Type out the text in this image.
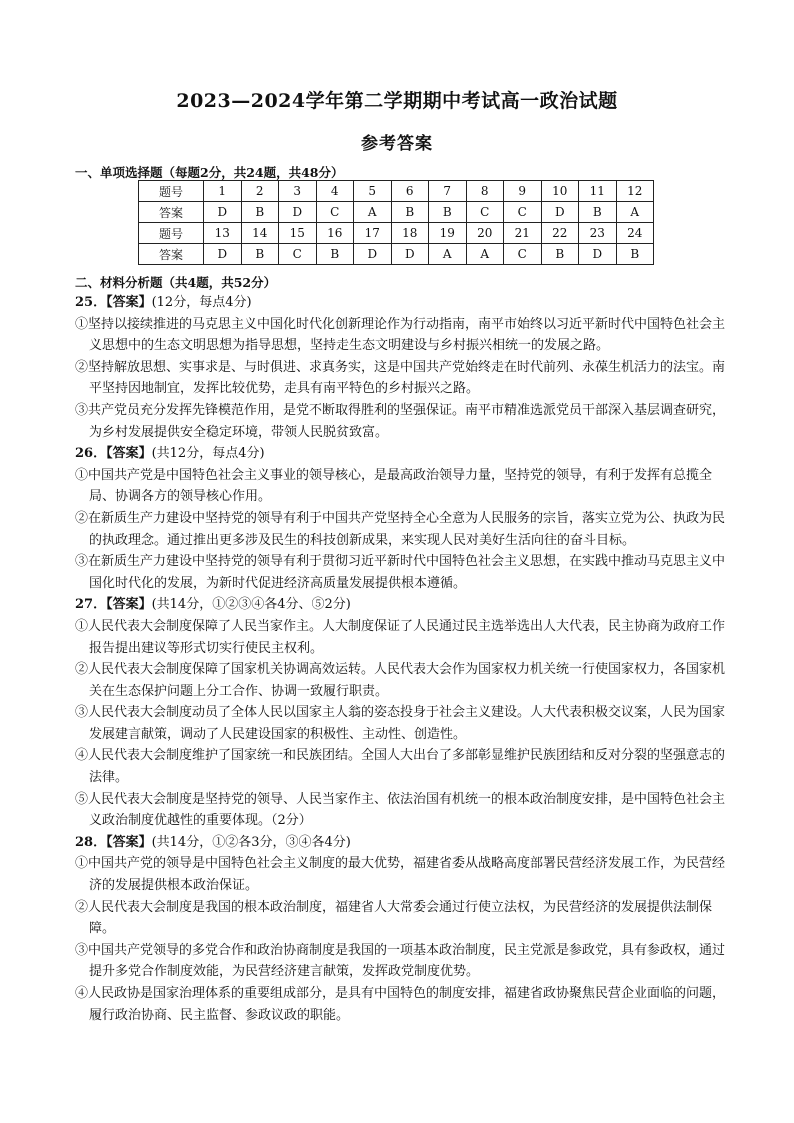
2023—2024学年第二学期期中考试高一政治试题
参考答案
一、单项选择题（每题2分，共24题，共48分）
题号	1	2	3	4	5	6	7	8	9	10	11	12
答案	D	B	D	C	A	B	B	C	C	D	B	A
题号	13	14	15	16	17	18	19	20	21	22	23	24
答案	D	B	C	B	D	D	A	A	C	B	D	B
二、材料分析题（共4题，共52分）
25．【答案】(12分，每点4分)
①坚持以接续推进的马克思主义中国化时代化创新理论作为行动指南，南平市始终以习近平新时代中国特色社会主义思想中的生态文明思想为指导思想，坚持走生态文明建设与乡村振兴相统一的发展之路。
②坚持解放思想、实事求是、与时俱进、求真务实，这是中国共产党始终走在时代前列、永葆生机活力的法宝。南平坚持因地制宜，发挥比较优势，走具有南平特色的乡村振兴之路。
③共产党员充分发挥先锋模范作用，是党不断取得胜利的坚强保证。南平市精准选派党员干部深入基层调查研究，为乡村发展提供安全稳定环境，带领人民脱贫致富。
26．【答案】(共12分，每点4分)
①中国共产党是中国特色社会主义事业的领导核心，是最高政治领导力量，坚持党的领导，有利于发挥有总揽全局、协调各方的领导核心作用。
②在新质生产力建设中坚持党的领导有利于中国共产党坚持全心全意为人民服务的宗旨，落实立党为公、执政为民的执政理念。通过推出更多涉及民生的科技创新成果，来实现人民对美好生活向往的奋斗目标。
③在新质生产力建设中坚持党的领导有利于贯彻习近平新时代中国特色社会主义思想，在实践中推动马克思主义中国化时代化的发展，为新时代促进经济高质量发展提供根本遵循。
27．【答案】(共14分，①②③④各4分、⑤2分)
①人民代表大会制度保障了人民当家作主。人大制度保证了人民通过民主选举选出人大代表，民主协商为政府工作报告提出建议等形式切实行使民主权利。
②人民代表大会制度保障了国家机关协调高效运转。人民代表大会作为国家权力机关统一行使国家权力，各国家机关在生态保护问题上分工合作、协调一致履行职责。
③人民代表大会制度动员了全体人民以国家主人翁的姿态投身于社会主义建设。人大代表积极交议案，人民为国家发展建言献策，调动了人民建设国家的积极性、主动性、创造性。
④人民代表大会制度维护了国家统一和民族团结。全国人大出台了多部彰显维护民族团结和反对分裂的坚强意志的法律。
⑤人民代表大会制度是坚持党的领导、人民当家作主、依法治国有机统一的根本政治制度安排，是中国特色社会主义政治制度优越性的重要体现。（2分）
28．【答案】(共14分，①②各3分，③④各4分)
①中国共产党的领导是中国特色社会主义制度的最大优势，福建省委从战略高度部署民营经济发展工作，为民营经济的发展提供根本政治保证。
②人民代表大会制度是我国的根本政治制度，福建省人大常委会通过行使立法权，为民营经济的发展提供法制保障。
③中国共产党领导的多党合作和政治协商制度是我国的一项基本政治制度，民主党派是参政党，具有参政权，通过提升多党合作制度效能，为民营经济建言献策，发挥政党制度优势。
④人民政协是国家治理体系的重要组成部分，是具有中国特色的制度安排，福建省政协聚焦民营企业面临的问题，履行政治协商、民主监督、参政议政的职能。
